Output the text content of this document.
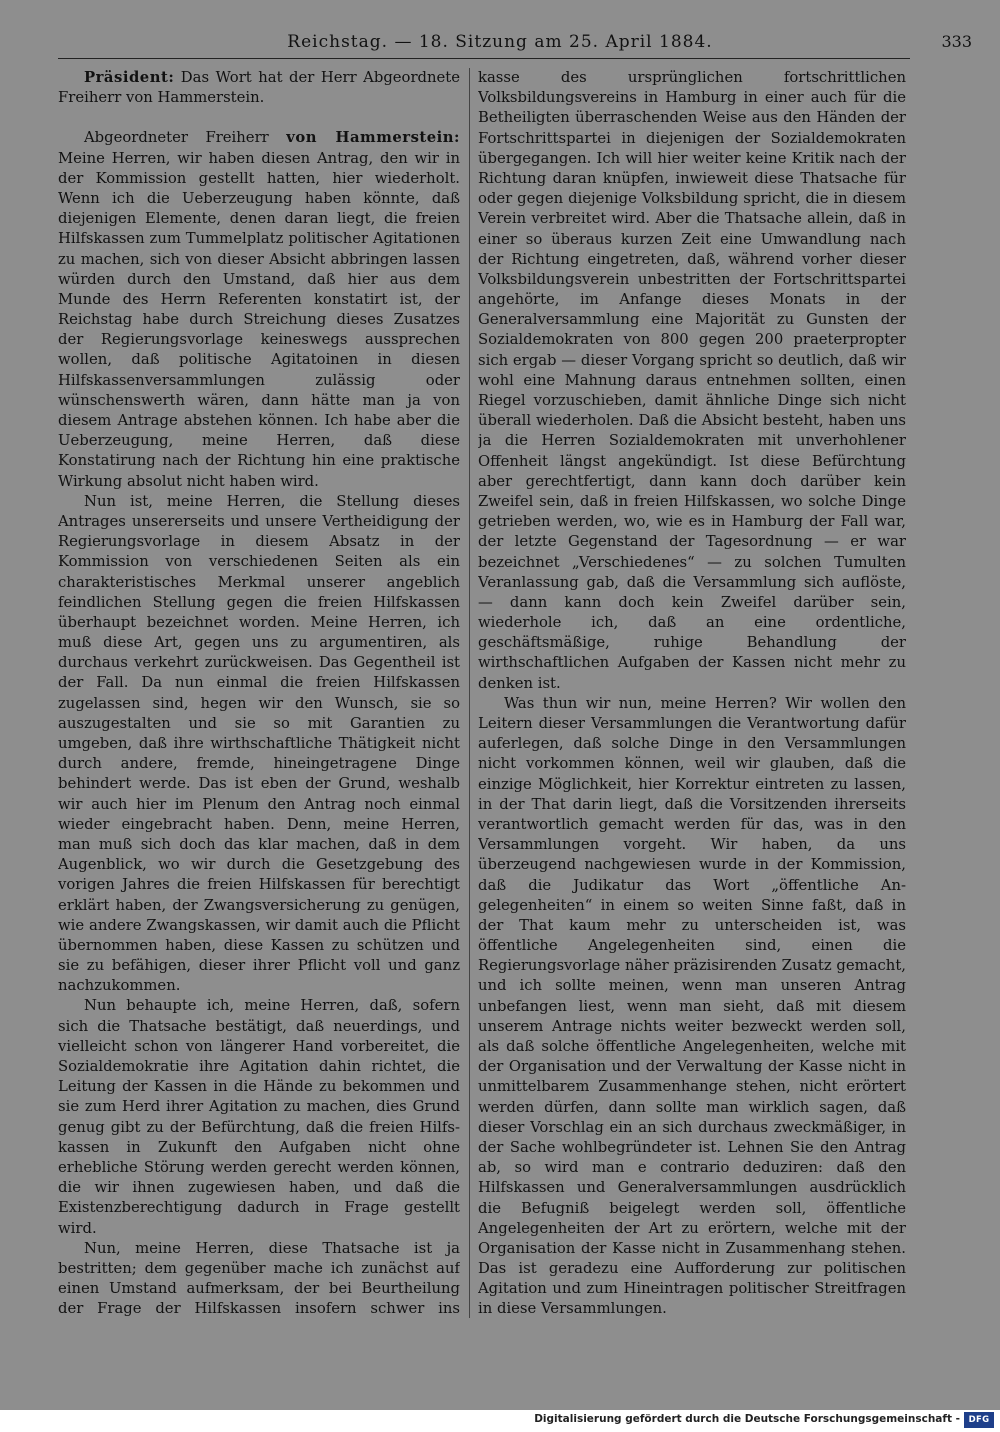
Reichstag. — 18. Sitzung am 25. April 1884.	333

Präsident: Das Wort hat der Herr Abgeordnete Freiherr von Hammerstein.

Abgeordneter Freiherr von Hammerstein: Meine Herren, wir haben diesen Antrag, den wir in der Kommission gestellt hatten, hier wiederholt. Wenn ich die Ueberzeugung haben könnte, daß diejenigen Elemente, denen daran liegt, die freien Hilfskassen zum Tummelplatz politischer Agitationen zu machen, sich von dieser Absicht abbringen lassen würden durch den Umstand, daß hier aus dem Munde des Herrn Referenten konstatirt ist, der Reichstag habe durch Streichung dieses Zusatzes der Regierungsvorlage keineswegs aussprechen wollen, daß politische Agitatoinen in diesen Hilfskassenversammlungen zulässig oder wünschenswerth wären, dann hätte man ja von diesem Antrage abstehen können. Ich habe aber die Ueberzeugung, meine Herren, daß diese Konstatirung nach der Richtung hin eine praktische Wirkung absolut nicht haben wird.

Nun ist, meine Herren, die Stellung dieses Antrages unsererseits und unsere Vertheidigung der Regierungsvorlage in diesem Absatz in der Kommission von verschiedenen Seiten als ein charakteristisches Merkmal unserer angeblich feindlichen Stellung gegen die freien Hilfskassen überhaupt bezeichnet worden. Meine Herren, ich muß diese Art, gegen uns zu argumentiren, als durchaus verkehrt zurückweisen. Das Gegentheil ist der Fall. Da nun einmal die freien Hilfskassen zugelassen sind, hegen wir den Wunsch, sie so auszugestalten und sie so mit Garantien zu umgeben, daß ihre wirthschaftliche Thätigkeit nicht durch andere, fremde, hineingetragene Dinge behindert werde. Das ist eben der Grund, weshalb wir auch hier im Plenum den Antrag noch einmal wieder eingebracht haben. Denn, meine Herren, man muß sich doch das klar machen, daß in dem Augenblick, wo wir durch die Gesetzgebung des vorigen Jahres die freien Hilfskassen für berechtigt erklärt haben, der Zwangsversicherung zu genügen, wie andere Zwangskassen, wir damit auch die Pflicht übernommen haben, diese Kassen zu schützen und sie zu befähigen, dieser ihrer Pflicht voll und ganz nachzukommen.

Nun behaupte ich, meine Herren, daß, sofern sich die Thatsache bestätigt, daß neuerdings, und vielleicht schon von längerer Hand vorbereitet, die Sozialdemokratie ihre Agitation dahin richtet, die Leitung der Kassen in die Hände zu bekommen und sie zum Herd ihrer Agitation zu machen, dies Grund genug gibt zu der Befürchtung, daß die freien Hilfskassen in Zukunft den Aufgaben nicht ohne erhebliche Störung werden gerecht werden können, die wir ihnen zugewiesen haben, und daß die Existenzberechtigung dadurch in Frage gestellt wird.

Nun, meine Herren, diese Thatsache ist ja bestritten; dem gegenüber mache ich zunächst auf einen Umstand aufmerksam, der bei Beurtheilung der Frage der Hilfskassen insofern schwer ins

kasse des ursprünglichen fortschrittlichen Volksbildungsvereins in Hamburg in einer auch für die Betheiligten überraschenden Weise aus den Händen der Fortschrittspartei in diejenigen der Sozialdemokraten übergegangen. Ich will hier weiter keine Kritik nach der Richtung daran knüpfen, inwieweit diese Thatsache für oder gegen diejenige Volksbildung spricht, die in diesem Verein verbreitet wird. Aber die Thatsache allein, daß in einer so überaus kurzen Zeit eine Umwandlung nach der Richtung eingetreten, daß, während vorher dieser Volksbildungsverein unbestritten der Fortschrittspartei angehörte, im Anfange dieses Monats in der Generalversammlung eine Majorität zu Gunsten der Sozialdemokraten von 800 gegen 200 praeterpropter sich ergab — dieser Vorgang spricht so deutlich, daß wir wohl eine Mahnung daraus entnehmen sollten, einen Riegel vorzuschieben, damit ähnliche Dinge sich nicht überall wiederholen. Daß die Absicht besteht, haben uns ja die Herren Sozialdemokraten mit unverhohlener Offenheit längst angekündigt. Ist diese Befürchtung aber gerechtfertigt, dann kann doch darüber kein Zweifel sein, daß in freien Hilfskassen, wo solche Dinge getrieben werden, wo, wie es in Hamburg der Fall war, der letzte Gegenstand der Tagesordnung — er war bezeichnet „Verschiedenes“ — zu solchen Tumulten Veranlassung gab, daß die Versammlung sich auflöste, — dann kann doch kein Zweifel darüber sein, wiederhole ich, daß an eine ordentliche, geschäftsmäßige, ruhige Behandlung der wirthschaftlichen Aufgaben der Kassen nicht mehr zu denken ist.

Was thun wir nun, meine Herren? Wir wollen den Leitern dieser Versammlungen die Verantwortung dafür auferlegen, daß solche Dinge in den Versammlungen nicht vorkommen können, weil wir glauben, daß die einzige Möglichkeit, hier Korrektur eintreten zu lassen, in der That darin liegt, daß die Vorsitzenden ihrerseits verantwortlich gemacht werden für das, was in den Versammlungen vorgeht. Wir haben, da uns überzeugend nachgewiesen wurde in der Kommission, daß die Judikatur das Wort „öffentliche Angelegenheiten“ in einem so weiten Sinne faßt, daß in der That kaum mehr zu unterscheiden ist, was öffentliche Angelegenheiten sind, einen die Regierungsvorlage näher präzisirenden Zusatz gemacht, und ich sollte meinen, wenn man unseren Antrag unbefangen liest, wenn man sieht, daß mit diesem unserem Antrage nichts weiter bezweckt werden soll, als daß solche öffentliche Angelegenheiten, welche mit der Organisation und der Verwaltung der Kasse nicht in unmittelbarem Zusammenhange stehen, nicht erörtert werden dürfen, dann sollte man wirklich sagen, daß dieser Vorschlag ein an sich durchaus zweckmäßiger, in der Sache wohlbegründeter ist. Lehnen Sie den Antrag ab, so wird man e contrario deduziren: daß den Hilfskassen und Generalversammlungen ausdrücklich die Befugniß beigelegt werden soll, öffentliche Angelegenheiten der Art zu erörtern, welche mit der Organisation der Kasse nicht in Zusammenhang stehen. Das ist geradezu eine Aufforderung zur politischen Agitation und zum Hineintragen politischer Streitfragen in diese Versammlungen.

Digitalisierung gefördert durch die Deutsche Forschungsgemeinschaft -	DFG
